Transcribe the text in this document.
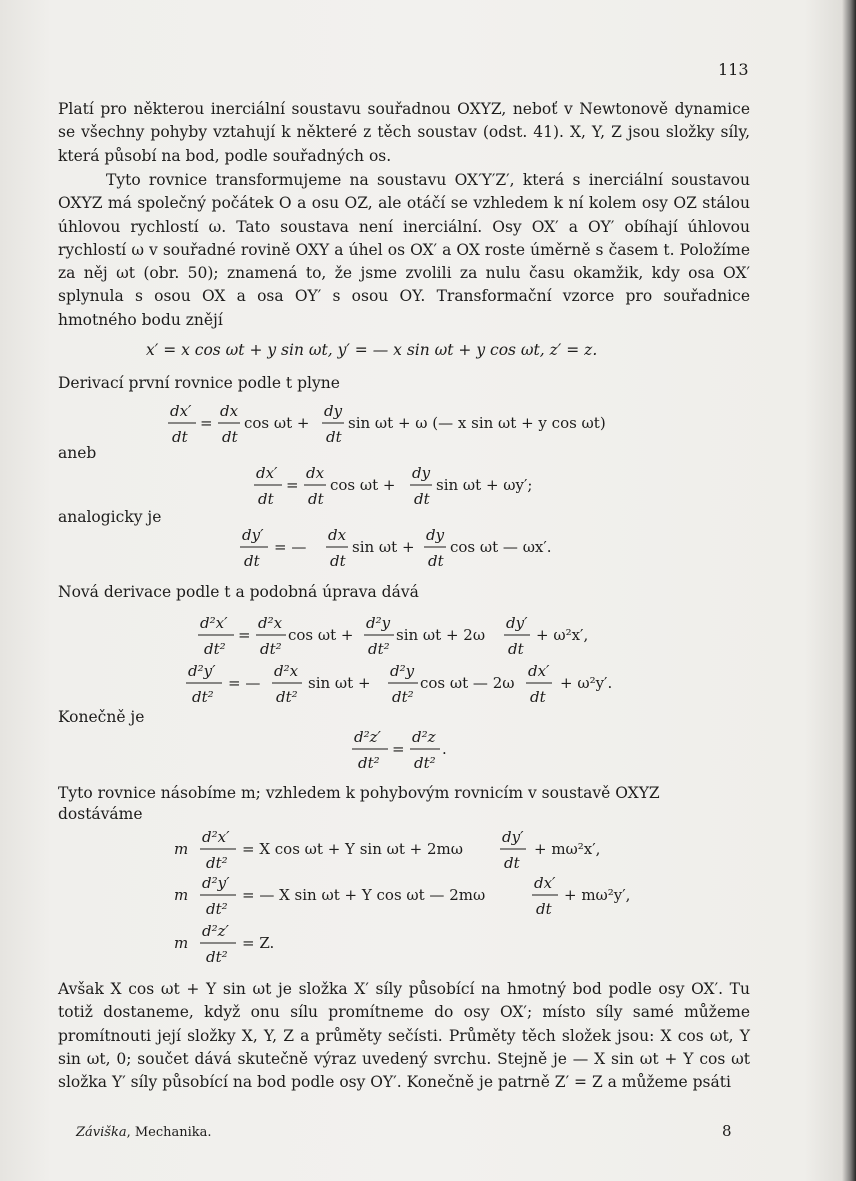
113

Platí pro některou inerciální soustavu souřadnou OXYZ, neboť v Newtonově dynamice se všechny pohyby vztahují k některé z těch soustav (odst. 41). X, Y, Z jsou složky síly, která působí na bod, podle souřadných os.

Tyto rovnice transformujeme na soustavu OX′Y′Z′, která s inerciální soustavou OXYZ má společný počátek O a osu OZ, ale otáčí se vzhledem k ní kolem osy OZ stálou úhlovou rychlostí ω. Tato soustava není inerciální. Osy OX′ a OY′ obíhají úhlovou rychlostí ω v souřadné rovině OXY a úhel os OX′ a OX roste úměrně s časem t. Položíme za něj ωt (obr. 50); znamená to, že jsme zvolili za nulu času okamžik, kdy osa OX′ splynula s osou OX a osa OY′ s osou OY. Transformační vzorce pro souřadnice hmotného bodu znějí

x′ = x cos ωt + y sin ωt, y′ = — x sin ωt + y cos ωt, z′ = z.

Derivací první rovnice podle t plyne

dx′
dt
=
dx
dt
cos ωt +
dy
dt
sin ωt + ω (— x sin ωt + y cos ωt)

aneb

dx′
dt
=
dx
dt
cos ωt +
dy
dt
sin ωt + ωy′;

analogicky je

dy′
dt
= —
dx
dt
sin ωt +
dy
dt
cos ωt — ωx′.

Nová derivace podle t a podobná úprava dává

d²x′
dt²
=
d²x
dt²
cos ωt +
d²y
dt²
sin ωt + 2ω
dy′
dt
+ ω²x′,
d²y′
dt²
= —
d²x
dt²
sin ωt +
d²y
dt²
cos ωt — 2ω
dx′
dt
+ ω²y′.

Konečně je

d²z′
dt²
=
d²z
dt²
.

Tyto rovnice násobíme m; vzhledem k pohybovým rovnicím v soustavě OXYZ

dostáváme

m
d²x′
dt²
= X cos ωt + Y sin ωt + 2mω
dy′
dt
+ mω²x′,
m
d²y′
dt²
= — X sin ωt + Y cos ωt — 2mω
dx′
dt
+ mω²y′,
m
d²z′
dt²
= Z.

Avšak X cos ωt + Y sin ωt je složka X′ síly působící na hmotný bod podle osy OX′. Tu totiž dostaneme, když onu sílu promítneme do osy OX′; místo síly samé můžeme promítnouti její složky X, Y, Z a průměty sečísti. Průměty těch složek jsou: X cos ωt, Y sin ωt, 0; součet dává skutečně výraz uvedený svrchu. Stejně je — X sin ωt + Y cos ωt složka Y′ síly působící na bod podle osy OY′. Konečně je patrně Z′ = Z a můžeme psáti

Záviška, Mechanika.	8
